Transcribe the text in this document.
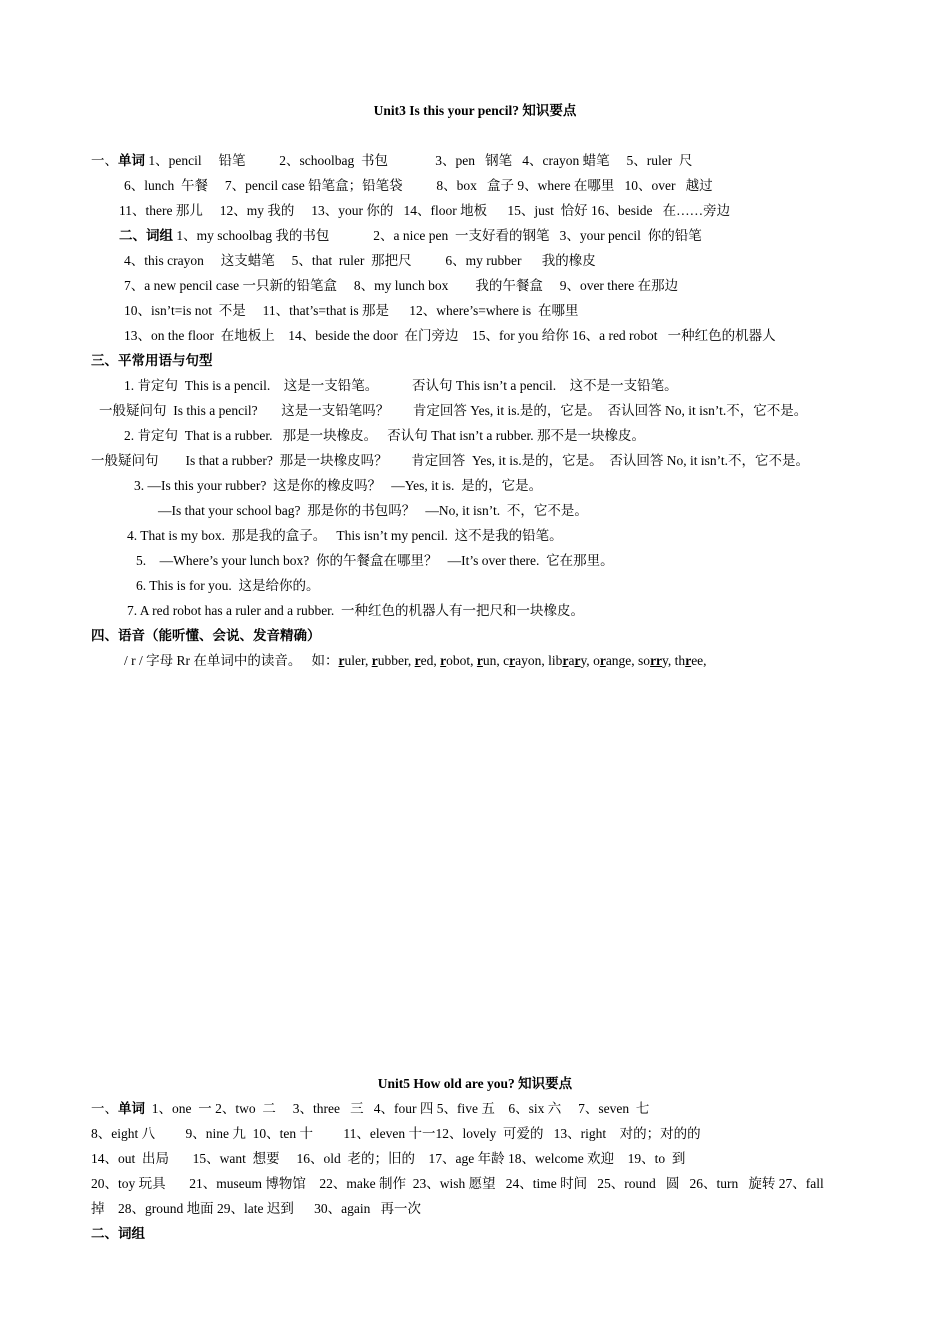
Unit3 Is this your pencil? 知识要点
一、单词 1、pencil     铅笔          2、schoolbag  书包              3、pen   钢笔   4、crayon 蜡笔     5、ruler  尺
6、lunch  午餐     7、pencil case 铅笔盒；铅笔袋          8、box   盒子 9、where 在哪里   10、over   越过
11、there 那儿     12、my 我的     13、your 你的   14、floor 地板      15、just  恰好 16、beside   在……旁边
二、词组 1、my schoolbag 我的书包             2、a nice pen  一支好看的钢笔   3、your pencil  你的铅笔
4、this crayon     这支蜡笔     5、that  ruler  那把尺          6、my rubber      我的橡皮
7、a new pencil case 一只新的铅笔盒     8、my lunch box        我的午餐盒     9、over there 在那边
10、isn’t=is not  不是     11、that’s=that is 那是      12、where’s=where is  在哪里
13、on the floor  在地板上    14、beside the door  在门旁边    15、for you 给你 16、a red robot   一种红色的机器人
三、平常用语与句型
1. 肯定句  This is a pencil.    这是一支铅笔。          否认句 This isn’t a pencil.    这不是一支铅笔。
一般疑问句  Is this a pencil?       这是一支铅笔吗？       肯定回答 Yes, it is.是的，它是。  否认回答 No, it isn’t.不，它不是。
2. 肯定句  That is a rubber.   那是一块橡皮。   否认句 That isn’t a rubber. 那不是一块橡皮。
一般疑问句        Is that a rubber?  那是一块橡皮吗？       肯定回答  Yes, it is.是的，它是。  否认回答 No, it isn’t.不，它不是。
3. —Is this your rubber?  这是你的橡皮吗？   —Yes, it is.  是的，它是。
—Is that your school bag?  那是你的书包吗？   —No, it isn’t.  不，它不是。
4. That is my box.  那是我的盒子。   This isn’t my pencil.  这不是我的铅笔。
5.    —Where’s your lunch box?  你的午餐盒在哪里？   —It’s over there.  它在那里。
6. This is for you.  这是给你的。
7. A red robot has a ruler and a rubber.  一种红色的机器人有一把尺和一块橡皮。
四、语音（能听懂、会说、发音精确）
/ r / 字母 Rr 在单词中的读音。   如：ruler, rubber, red, robot, run, crayon, library, orange, sorry, three,
Unit5 How old are you? 知识要点
一、单词 1、one  一 2、two  二     3、three   三   4、four 四 5、five 五    6、six 六     7、seven  七
8、eight 八         9、nine 九  10、ten 十         11、eleven 十一12、lovely  可爱的   13、right    对的；对的的
14、out  出局       15、want  想要     16、old  老的；旧的    17、age 年龄 18、welcome 欢迎    19、to  到
20、toy 玩具       21、museum 博物馆    22、make 制作  23、wish 愿望   24、time 时间   25、round   圆   26、turn   旋转 27、fall
掉    28、ground 地面 29、late 迟到      30、again   再一次
二、词组
